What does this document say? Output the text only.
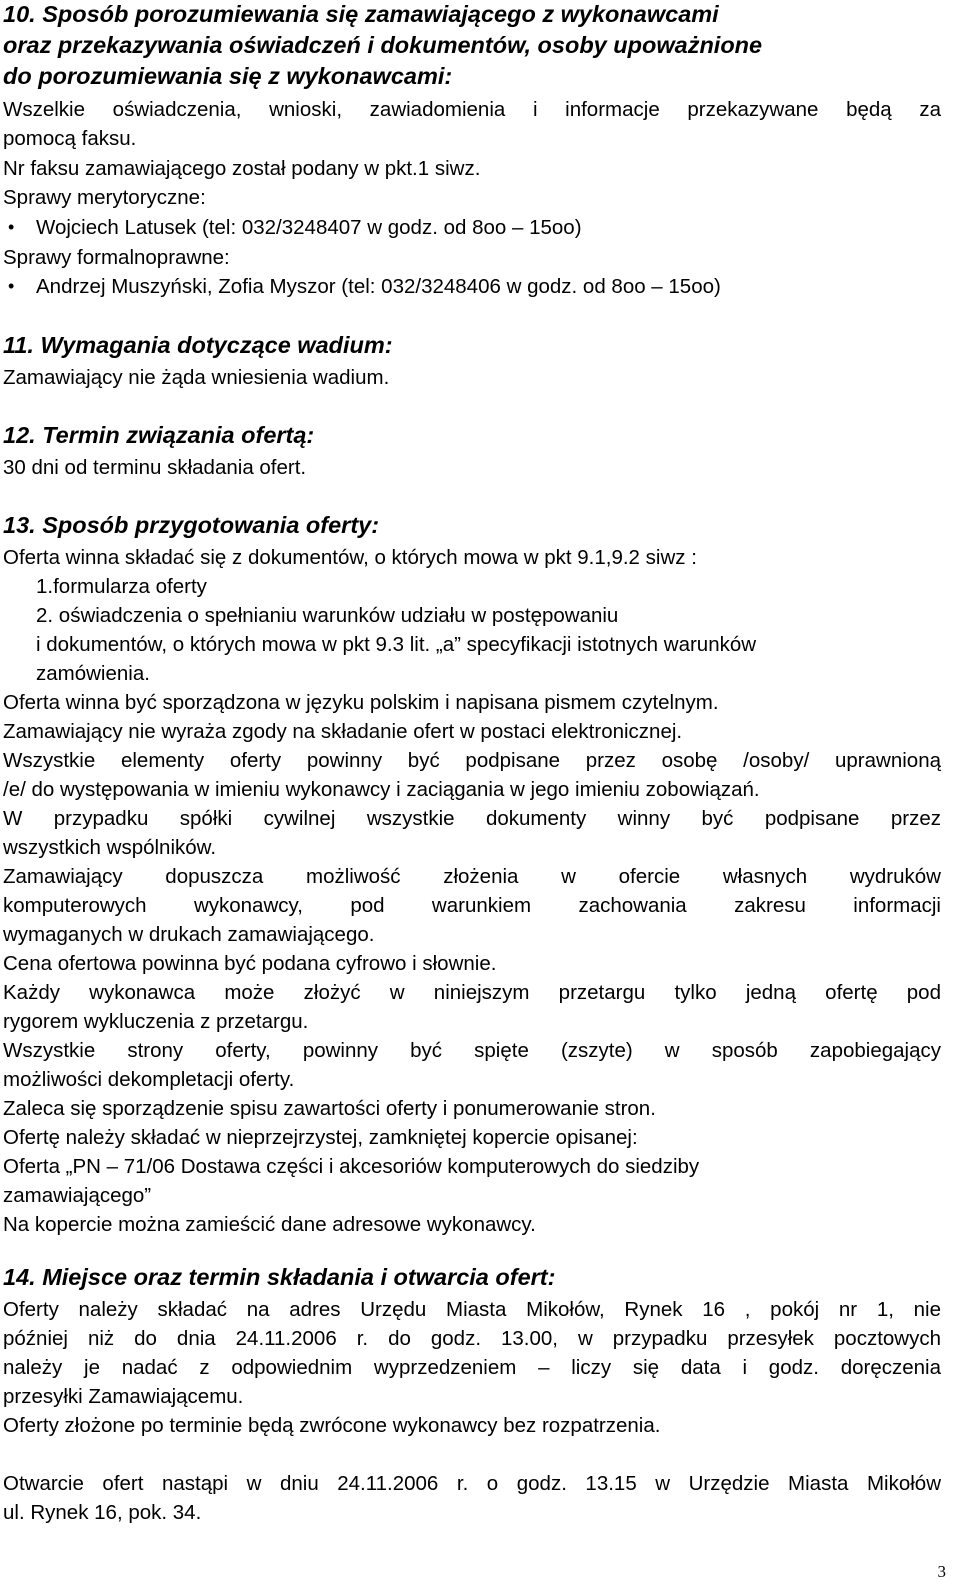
10. Sposób porozumiewania się zamawiającego z wykonawcami
oraz przekazywania oświadczeń i dokumentów, osoby upoważnione
do porozumiewania się z wykonawcami:
Wszelkie oświadczenia, wnioski, zawiadomienia i informacje przekazywane będą za
pomocą faksu.
Nr faksu zamawiającego został podany w pkt.1 siwz.
Sprawy merytoryczne:
• Wojciech Latusek (tel: 032/3248407 w godz. od 8oo – 15oo)
Sprawy formalnoprawne:
• Andrzej Muszyński, Zofia Myszor (tel: 032/3248406 w godz. od 8oo – 15oo)
11. Wymagania dotyczące wadium:
Zamawiający nie żąda wniesienia wadium.
12. Termin związania ofertą:
30 dni od terminu składania ofert.
13. Sposób przygotowania oferty:
Oferta winna składać się z dokumentów, o których mowa w pkt 9.1,9.2 siwz :
1.formularza oferty
2. oświadczenia o spełnianiu warunków udziału w postępowaniu
i dokumentów, o których mowa w pkt 9.3 lit. „a” specyfikacji istotnych warunków
zamówienia.
Oferta winna być sporządzona w języku polskim i napisana pismem czytelnym.
Zamawiający nie wyraża zgody na składanie ofert w postaci elektronicznej.
Wszystkie elementy oferty powinny być podpisane przez osobę /osoby/ uprawnioną
/e/ do występowania w imieniu wykonawcy i zaciągania w jego imieniu zobowiązań.
W przypadku spółki cywilnej wszystkie dokumenty winny być podpisane przez
wszystkich wspólników.
Zamawiający dopuszcza możliwość złożenia w ofercie własnych wydruków
komputerowych wykonawcy, pod warunkiem zachowania zakresu informacji
wymaganych w drukach zamawiającego.
Cena ofertowa powinna być podana cyfrowo i słownie.
Każdy wykonawca może złożyć w niniejszym przetargu tylko jedną ofertę pod
rygorem wykluczenia z przetargu.
Wszystkie strony oferty, powinny być spięte (zszyte) w sposób zapobiegający
możliwości dekompletacji oferty.
Zaleca się sporządzenie spisu zawartości oferty i ponumerowanie stron.
Ofertę należy składać w nieprzejrzystej, zamkniętej kopercie opisanej:
Oferta „PN – 71/06 Dostawa części i akcesoriów komputerowych do siedziby
zamawiającego”
Na kopercie można zamieścić dane adresowe wykonawcy.
14. Miejsce oraz termin składania i otwarcia ofert:
Oferty należy składać na adres Urzędu Miasta Mikołów, Rynek 16 , pokój nr 1, nie
później niż do dnia 24.11.2006 r. do godz. 13.00, w przypadku przesyłek pocztowych
należy je nadać z odpowiednim wyprzedzeniem – liczy się data i godz. doręczenia
przesyłki Zamawiającemu.
Oferty złożone po terminie będą zwrócone wykonawcy bez rozpatrzenia.
Otwarcie ofert nastąpi w dniu 24.11.2006 r. o godz. 13.15 w Urzędzie Miasta Mikołów
ul. Rynek 16, pok. 34.
3
